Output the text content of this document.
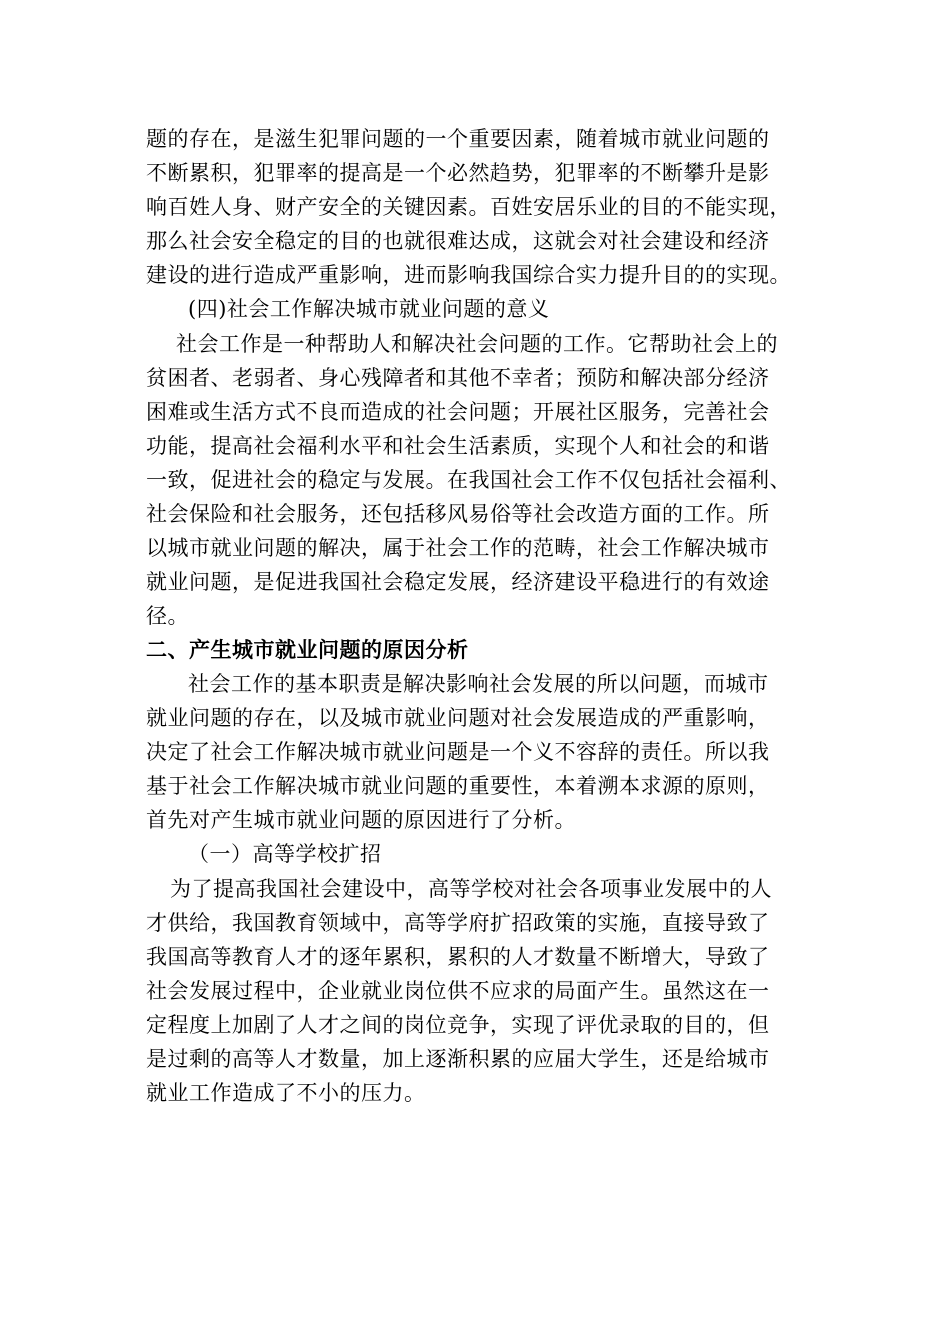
题的存在，是滋生犯罪问题的一个重要因素，随着城市就业问题的
不断累积，犯罪率的提高是一个必然趋势，犯罪率的不断攀升是影
响百姓人身、财产安全的关键因素。百姓安居乐业的目的不能实现，
那么社会安全稳定的目的也就很难达成，这就会对社会建设和经济
建设的进行造成严重影响，进而影响我国综合实力提升目的的实现。
(四)社会工作解决城市就业问题的意义
社会工作是一种帮助人和解决社会问题的工作。它帮助社会上的
贫困者、老弱者、身心残障者和其他不幸者；预防和解决部分经济
困难或生活方式不良而造成的社会问题；开展社区服务，完善社会
功能，提高社会福利水平和社会生活素质，实现个人和社会的和谐
一致，促进社会的稳定与发展。在我国社会工作不仅包括社会福利、
社会保险和社会服务，还包括移风易俗等社会改造方面的工作。所
以城市就业问题的解决，属于社会工作的范畴，社会工作解决城市
就业问题，是促进我国社会稳定发展，经济建设平稳进行的有效途
径。
二、产生城市就业问题的原因分析
社会工作的基本职责是解决影响社会发展的所以问题，而城市
就业问题的存在，以及城市就业问题对社会发展造成的严重影响，
决定了社会工作解决城市就业问题是一个义不容辞的责任。所以我
基于社会工作解决城市就业问题的重要性，本着溯本求源的原则，
首先对产生城市就业问题的原因进行了分析。
（一）高等学校扩招
为了提高我国社会建设中，高等学校对社会各项事业发展中的人
才供给，我国教育领域中，高等学府扩招政策的实施，直接导致了
我国高等教育人才的逐年累积，累积的人才数量不断增大，导致了
社会发展过程中，企业就业岗位供不应求的局面产生。虽然这在一
定程度上加剧了人才之间的岗位竞争，实现了评优录取的目的，但
是过剩的高等人才数量，加上逐渐积累的应届大学生，还是给城市
就业工作造成了不小的压力。
